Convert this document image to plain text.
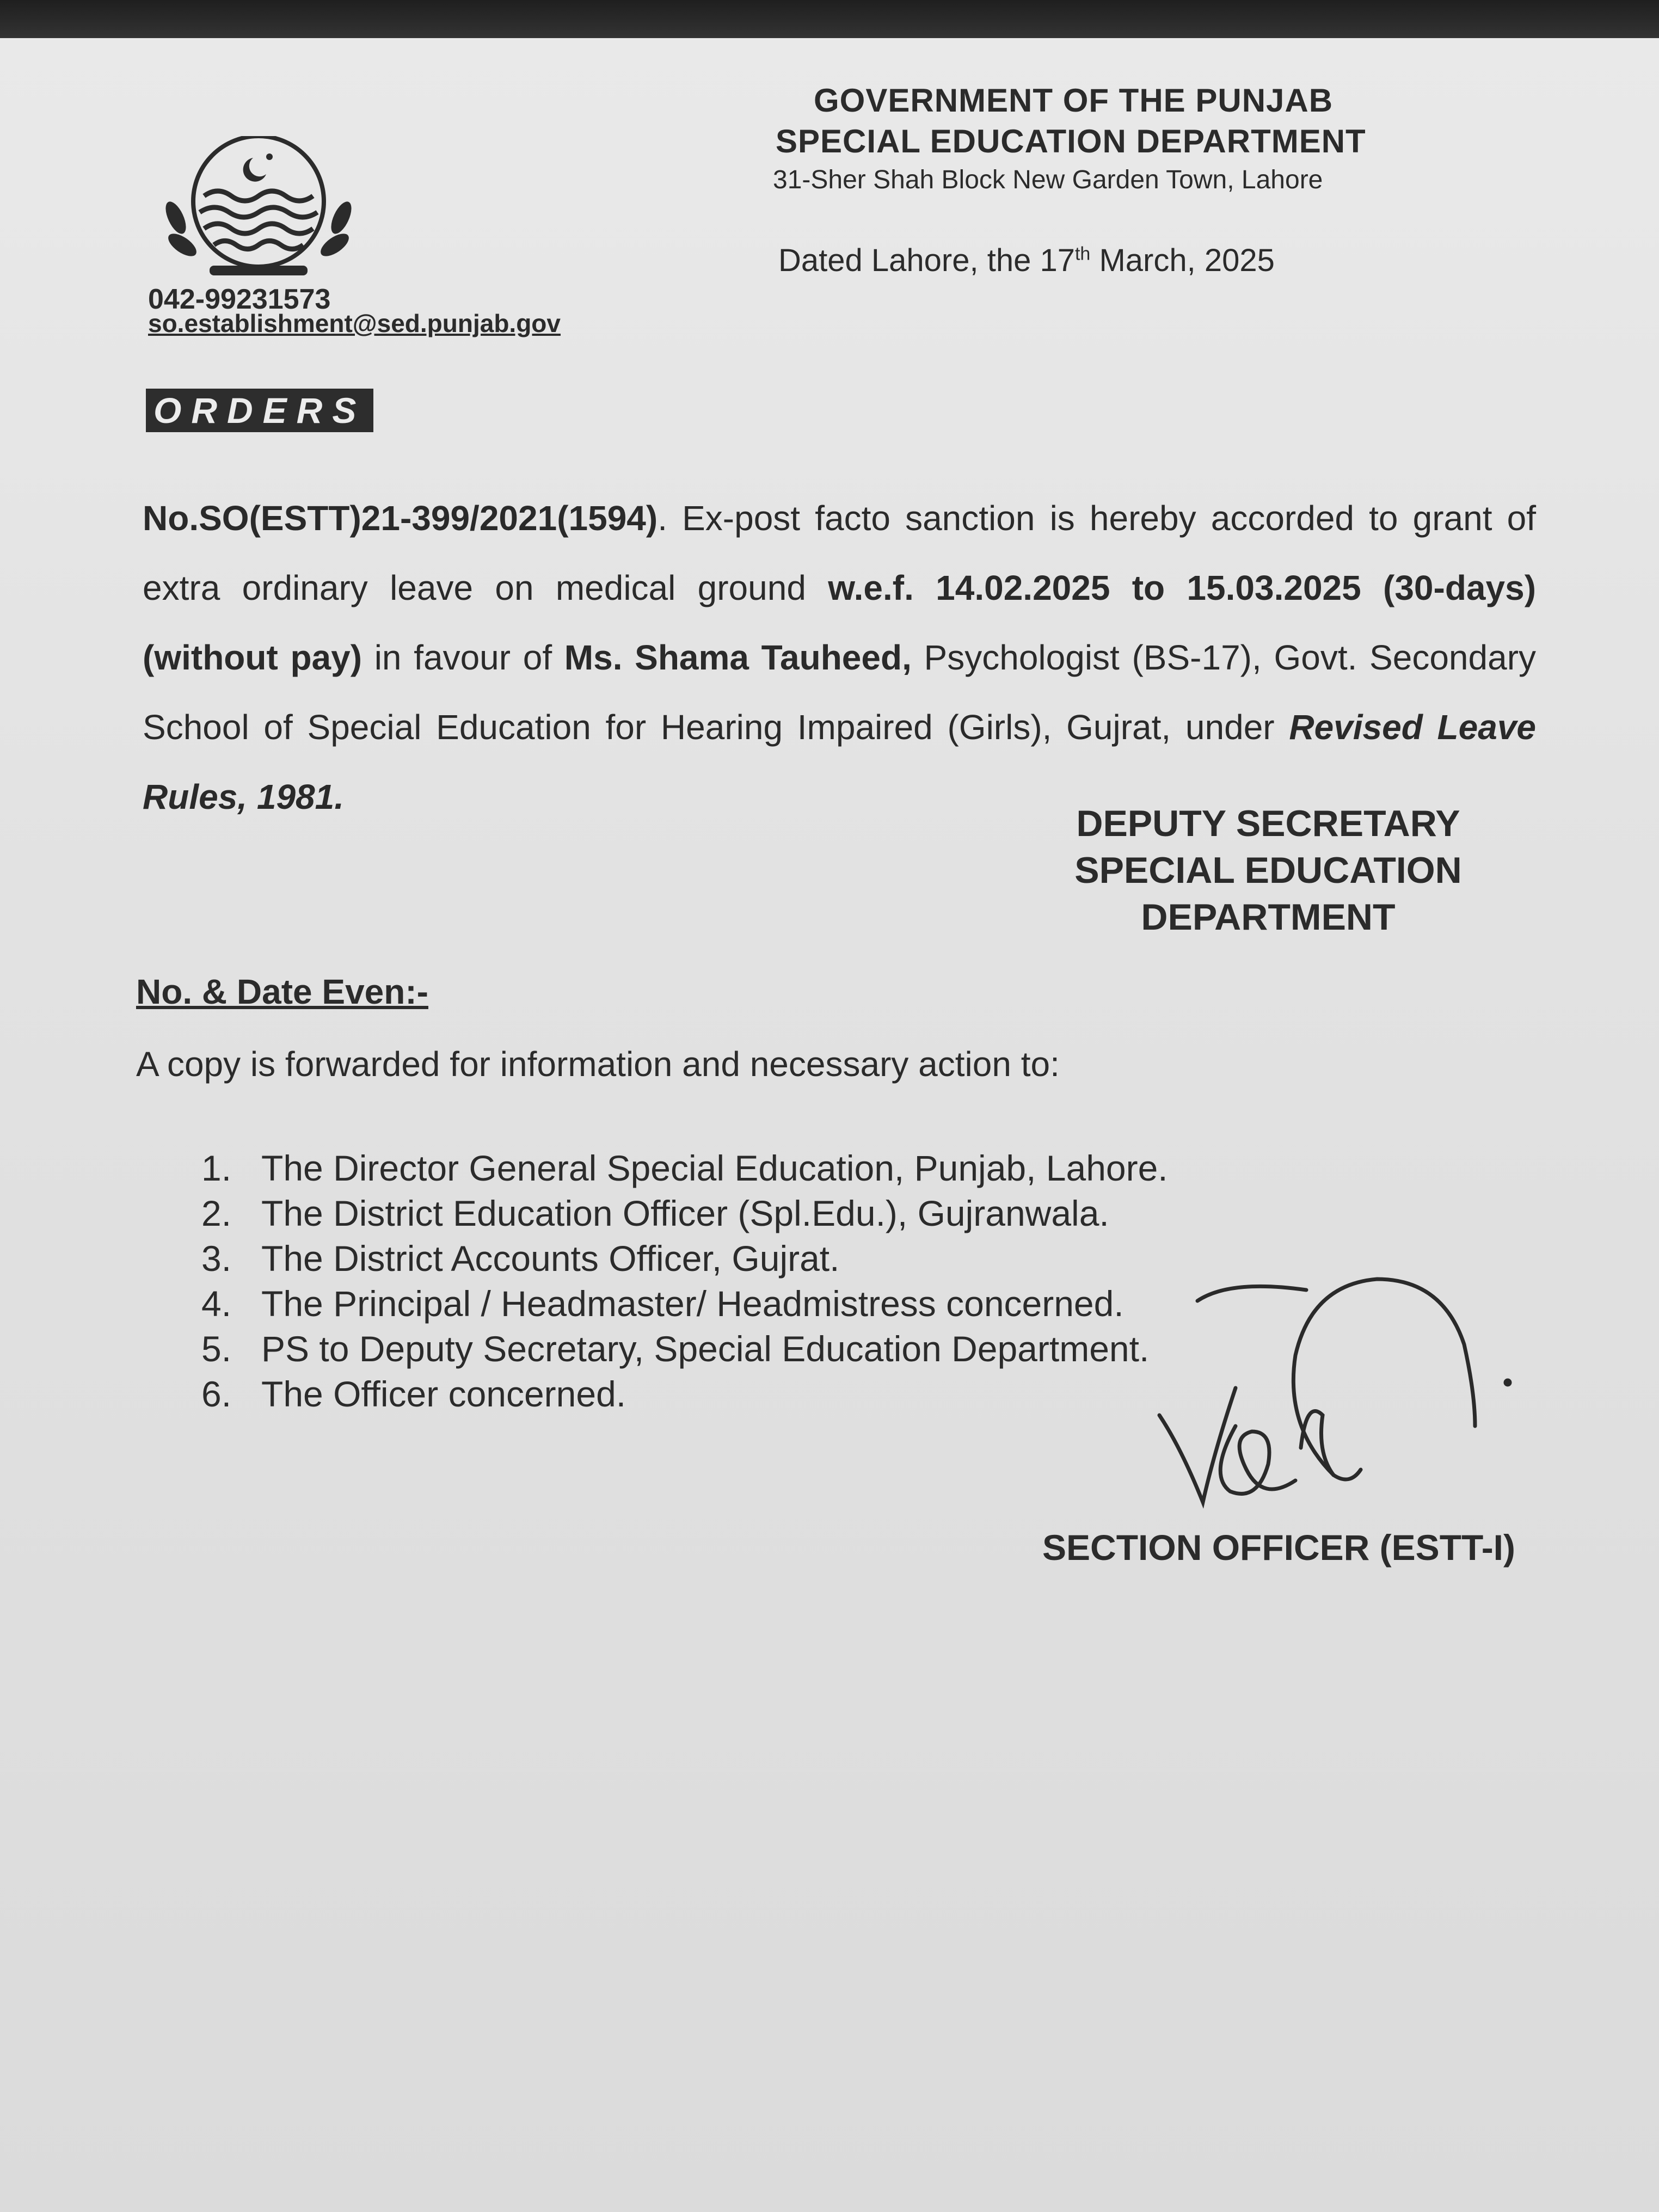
GOVERNMENT OF THE PUNJAB
SPECIAL EDUCATION DEPARTMENT
31-Sher Shah Block New Garden Town, Lahore
Dated Lahore, the 17th March, 2025
042-99231573
so.establishment@sed.punjab.gov
ORDERS

No.SO(ESTT)21-399/2021(1594). Ex-post facto sanction is hereby accorded to grant of extra ordinary leave on medical ground w.e.f. 14.02.2025 to 15.03.2025 (30-days) (without pay) in favour of Ms. Shama Tauheed, Psychologist (BS-17), Govt. Secondary School of Special Education for Hearing Impaired (Girls), Gujrat, under Revised Leave Rules, 1981.
DEPUTY SECRETARY
SPECIAL EDUCATION
DEPARTMENT
No. & Date Even:-
A copy is forwarded for information and necessary action to:
1. The Director General Special Education, Punjab, Lahore.
2. The District Education Officer (Spl.Edu.), Gujranwala.
3. The District Accounts Officer, Gujrat.
4. The Principal / Headmaster/ Headmistress concerned.
5. PS to Deputy Secretary, Special Education Department.
6. The Officer concerned.
SECTION OFFICER (ESTT-I)
